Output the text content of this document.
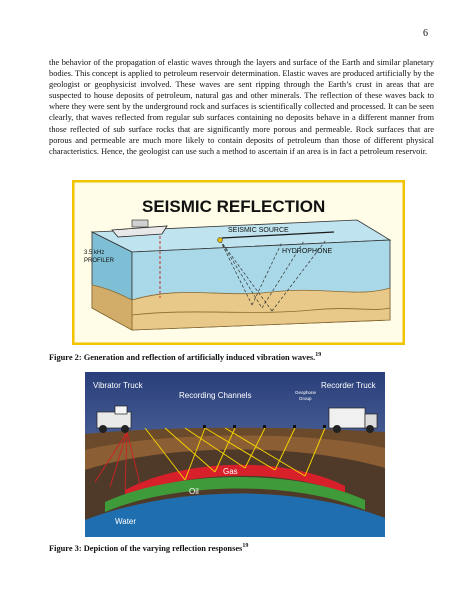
6

the behavior of the propagation of elastic waves through the layers and surface of the Earth and similar planetary bodies. This concept is applied to petroleum reservoir determination. Elastic waves are produced artificially by the geologist or geophysicist involved. These waves are sent ripping through the Earth’s crust in areas that are suspected to house deposits of petroleum, natural gas and other minerals. The reflection of these waves back to where they were sent by the underground rock and surfaces is scientifically collected and processed. It can be seen clearly, that waves reflected from regular sub surfaces containing no deposits behave in a different manner from those reflected of sub surface rocks that are significantly more porous and permeable. Rock surfaces that are porous and permeable are much more likely to contain deposits of petroleum than those of different physical characteristics. Hence, the geologist can use such a method to ascertain if an area is in fact a petroleum reservoir.

SEISMIC REFLECTION
SEISMIC SOURCE
HYDROPHONE
3.5 kHz
PROFILER
Figure 2: Generation and reflection of artificially induced vibration waves.$^{19}$
Vibrator Truck
Recording Channels	Geophone
Group
Recorder Truck
Gas
Oil
Water
Figure 3: Depiction of the varying reflection responses$^{19}$
